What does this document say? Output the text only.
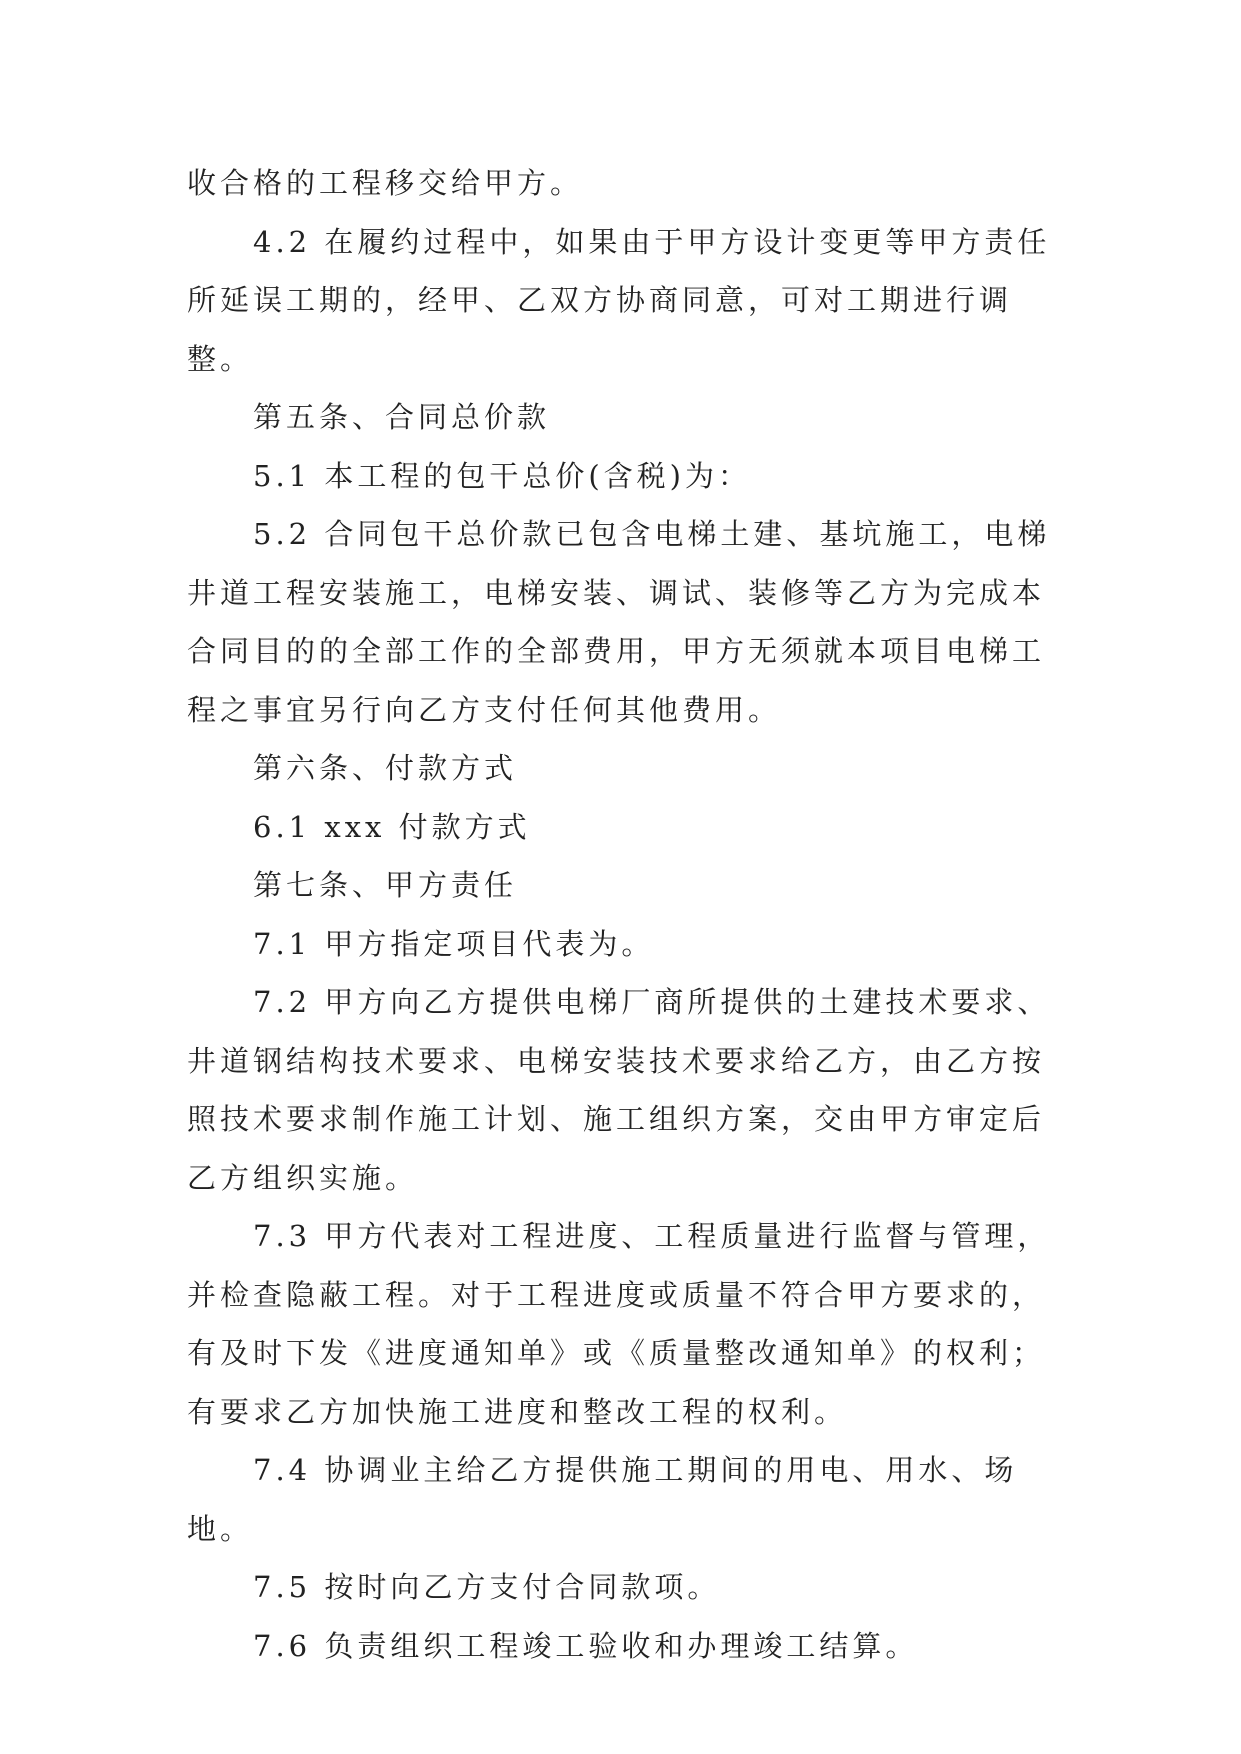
收合格的工程移交给甲方。

4.2 在履约过程中，如果由于甲方设计变更等甲方责任所延误工期的，经甲、乙双方协商同意，可对工期进行调整。

第五条、合同总价款

5.1 本工程的包干总价(含税)为：

5.2 合同包干总价款已包含电梯土建、基坑施工，电梯井道工程安装施工，电梯安装、调试、装修等乙方为完成本合同目的的全部工作的全部费用，甲方无须就本项目电梯工程之事宜另行向乙方支付任何其他费用。

第六条、付款方式

6.1 xxx 付款方式

第七条、甲方责任

7.1 甲方指定项目代表为。

7.2 甲方向乙方提供电梯厂商所提供的土建技术要求、井道钢结构技术要求、电梯安装技术要求给乙方，由乙方按照技术要求制作施工计划、施工组织方案，交由甲方审定后乙方组织实施。

7.3 甲方代表对工程进度、工程质量进行监督与管理，并检查隐蔽工程。对于工程进度或质量不符合甲方要求的，有及时下发《进度通知单》或《质量整改通知单》的权利；有要求乙方加快施工进度和整改工程的权利。

7.4 协调业主给乙方提供施工期间的用电、用水、场地。

7.5 按时向乙方支付合同款项。

7.6 负责组织工程竣工验收和办理竣工结算。
